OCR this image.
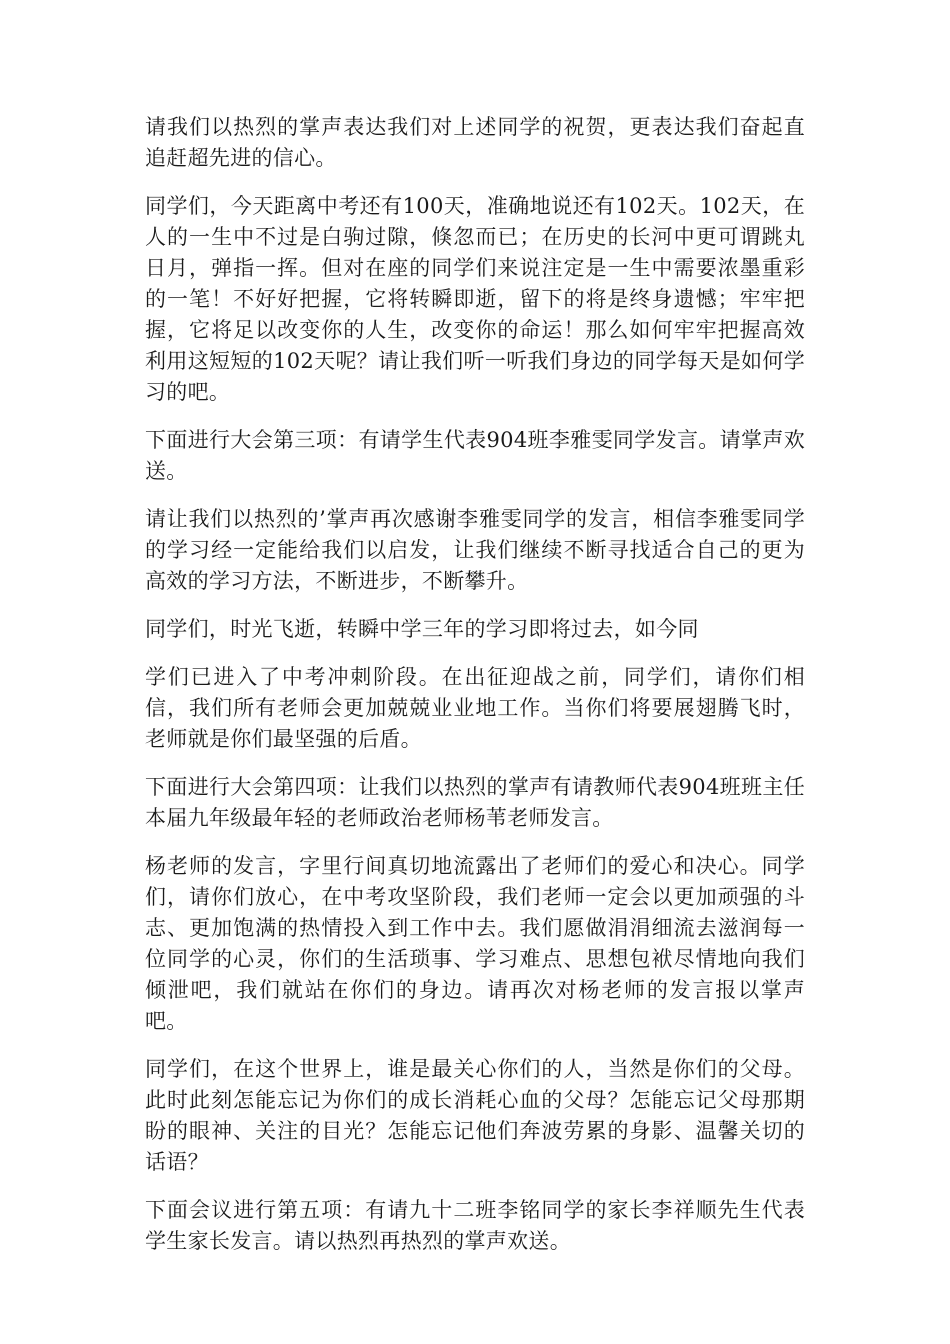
请我们以热烈的掌声表达我们对上述同学的祝贺，更表达我们奋起直追赶超先进的信心。

同学们，今天距离中考还有100天，准确地说还有102天。102天，在人的一生中不过是白驹过隙，倏忽而已；在历史的长河中更可谓跳丸日月，弹指一挥。但对在座的同学们来说注定是一生中需要浓墨重彩的一笔！不好好把握，它将转瞬即逝，留下的将是终身遗憾；牢牢把握，它将足以改变你的人生，改变你的命运！那么如何牢牢把握高效利用这短短的102天呢？请让我们听一听我们身边的同学每天是如何学习的吧。

下面进行大会第三项：有请学生代表904班李雅雯同学发言。请掌声欢送。

请让我们以热烈的’掌声再次感谢李雅雯同学的发言，相信李雅雯同学的学习经一定能给我们以启发，让我们继续不断寻找适合自己的更为高效的学习方法，不断进步，不断攀升。

同学们，时光飞逝，转瞬中学三年的学习即将过去，如今同

学们已进入了中考冲刺阶段。在出征迎战之前，同学们，请你们相信，我们所有老师会更加兢兢业业地工作。当你们将要展翅腾飞时，老师就是你们最坚强的后盾。

下面进行大会第四项：让我们以热烈的掌声有请教师代表904班班主任本届九年级最年轻的老师政治老师杨苇老师发言。

杨老师的发言，字里行间真切地流露出了老师们的爱心和决心。同学们，请你们放心，在中考攻坚阶段，我们老师一定会以更加顽强的斗志、更加饱满的热情投入到工作中去。我们愿做涓涓细流去滋润每一位同学的心灵，你们的生活琐事、学习难点、思想包袱尽情地向我们倾泄吧，我们就站在你们的身边。请再次对杨老师的发言报以掌声吧。

同学们，在这个世界上，谁是最关心你们的人，当然是你们的父母。此时此刻怎能忘记为你们的成长消耗心血的父母？怎能忘记父母那期盼的眼神、关注的目光？怎能忘记他们奔波劳累的身影、温馨关切的话语？

下面会议进行第五项：有请九十二班李铭同学的家长李祥顺先生代表学生家长发言。请以热烈再热烈的掌声欢送。
